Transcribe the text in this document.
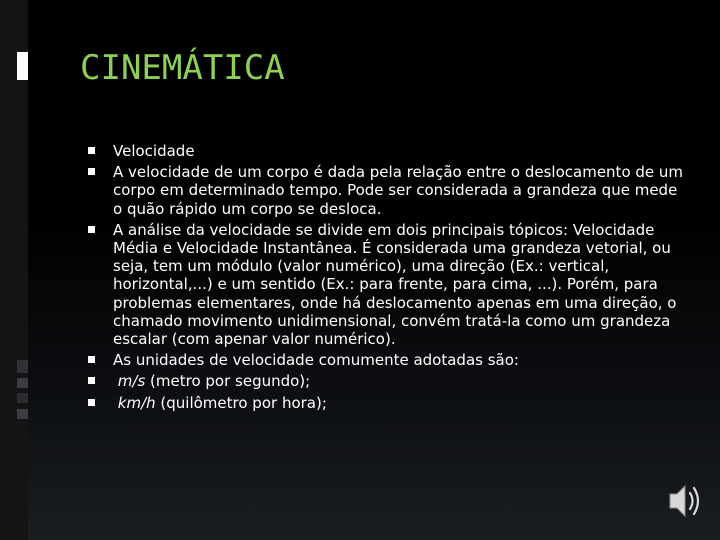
CINEMÁTICA
Velocidade
A velocidade de um corpo é dada pela relação entre o deslocamento de um corpo em determinado tempo. Pode ser considerada a grandeza que mede o quão rápido um corpo se desloca.
A análise da velocidade se divide em dois principais tópicos: Velocidade Média e Velocidade Instantânea. É considerada uma grandeza vetorial, ou seja, tem um módulo (valor numérico), uma direção (Ex.: vertical, horizontal,...) e um sentido (Ex.: para frente, para cima, ...). Porém, para problemas elementares, onde há deslocamento apenas em uma direção, o chamado movimento unidimensional, convém tratá-la como um grandeza escalar (com apenar valor numérico).
As unidades de velocidade comumente adotadas são:
m/s (metro por segundo);
km/h (quilômetro por hora);
